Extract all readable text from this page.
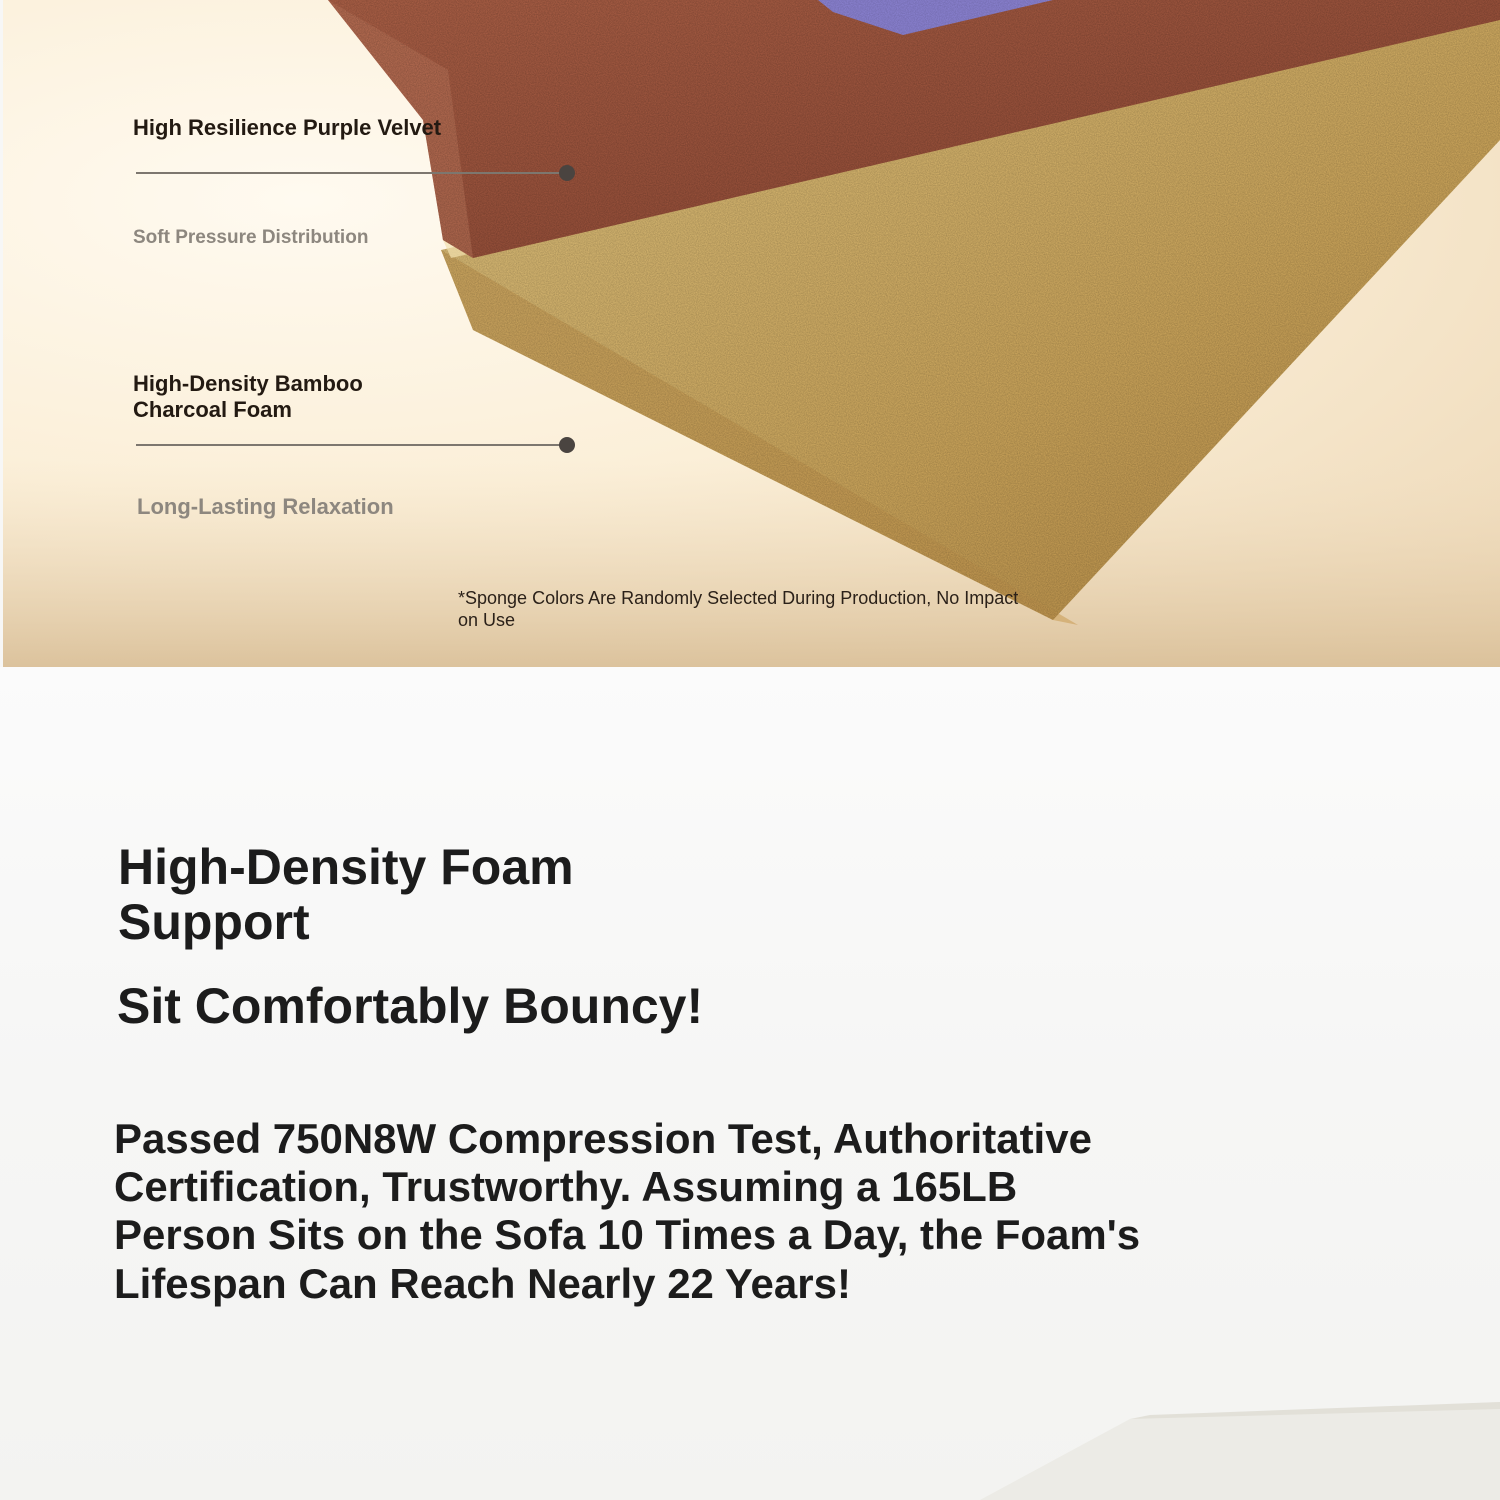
High Resilience Purple Velvet

Soft Pressure Distribution

High-Density Bamboo

Charcoal Foam

Long-Lasting Relaxation

*Sponge Colors Are Randomly Selected During Production, No Impact on Use

High-Density Foam
Support
Sit Comfortably Bouncy!

Passed 750N8W Compression Test, Authoritative

Certification, Trustworthy. Assuming a 165LB

Person Sits on the Sofa 10 Times a Day, the Foam's

Lifespan Can Reach Nearly 22 Years!
